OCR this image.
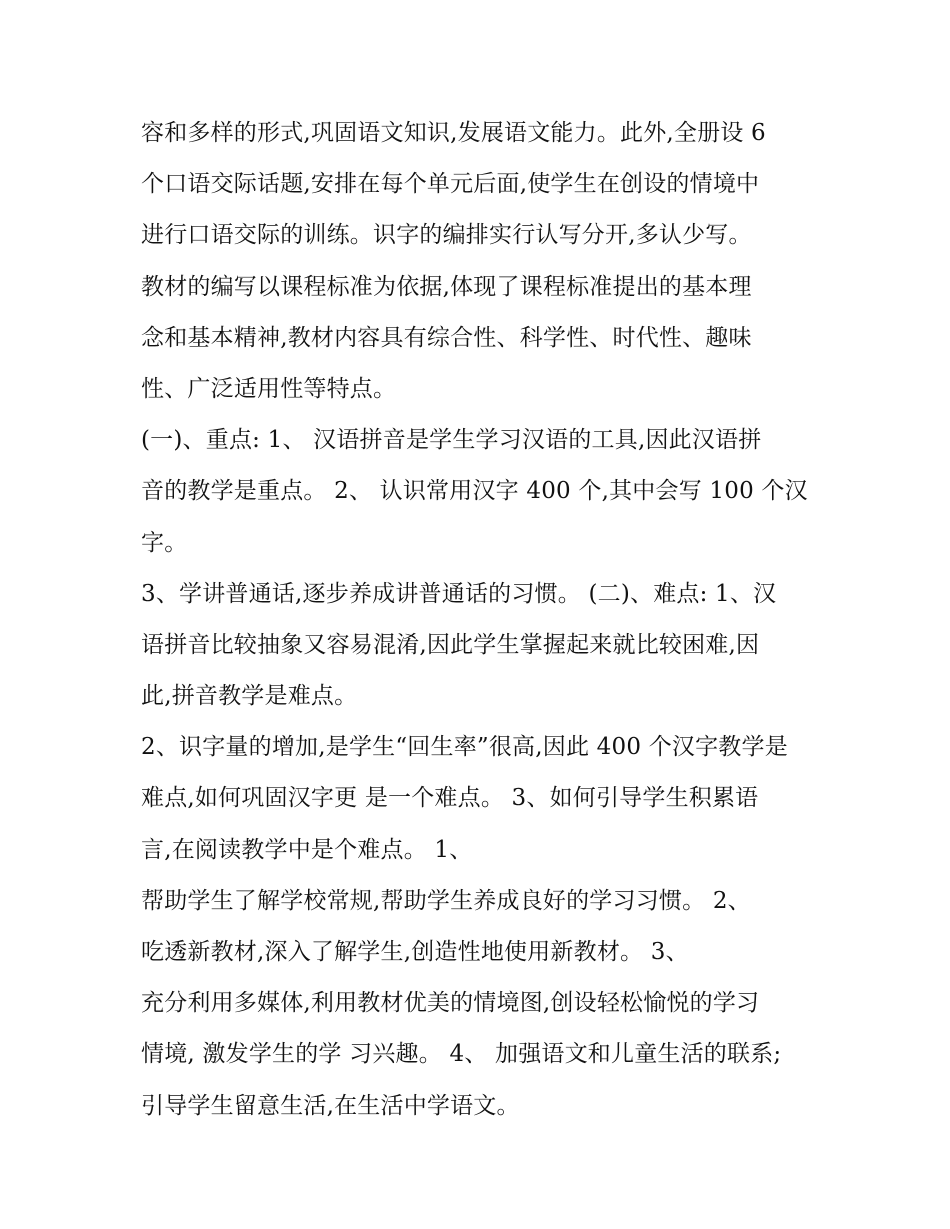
容和多样的形式,巩固语文知识,发展语文能力。此外,全册设 6
个口语交际话题,安排在每个单元后面,使学生在创设的情境中
进行口语交际的训练。识字的编排实行认写分开,多认少写。
教材的编写以课程标准为依据,体现了课程标准提出的基本理
念和基本精神,教材内容具有综合性、科学性、时代性、趣味
性、广泛适用性等特点。
(一)、重点: 1、 汉语拼音是学生学习汉语的工具,因此汉语拼
音的教学是重点。 2、 认识常用汉字 400 个,其中会写 100 个汉
字。
3、学讲普通话,逐步养成讲普通话的习惯。 (二)、难点: 1、汉
语拼音比较抽象又容易混淆,因此学生掌握起来就比较困难,因
此,拼音教学是难点。
2、识字量的增加,是学生“回生率”很高,因此 400 个汉字教学是
难点,如何巩固汉字更 是一个难点。 3、如何引导学生积累语
言,在阅读教学中是个难点。 1、
帮助学生了解学校常规,帮助学生养成良好的学习习惯。 2、
吃透新教材,深入了解学生,创造性地使用新教材。 3、
充分利用多媒体,利用教材优美的情境图,创设轻松愉悦的学习
情境, 激发学生的学 习兴趣。 4、 加强语文和儿童生活的联系;
引导学生留意生活,在生活中学语文。
